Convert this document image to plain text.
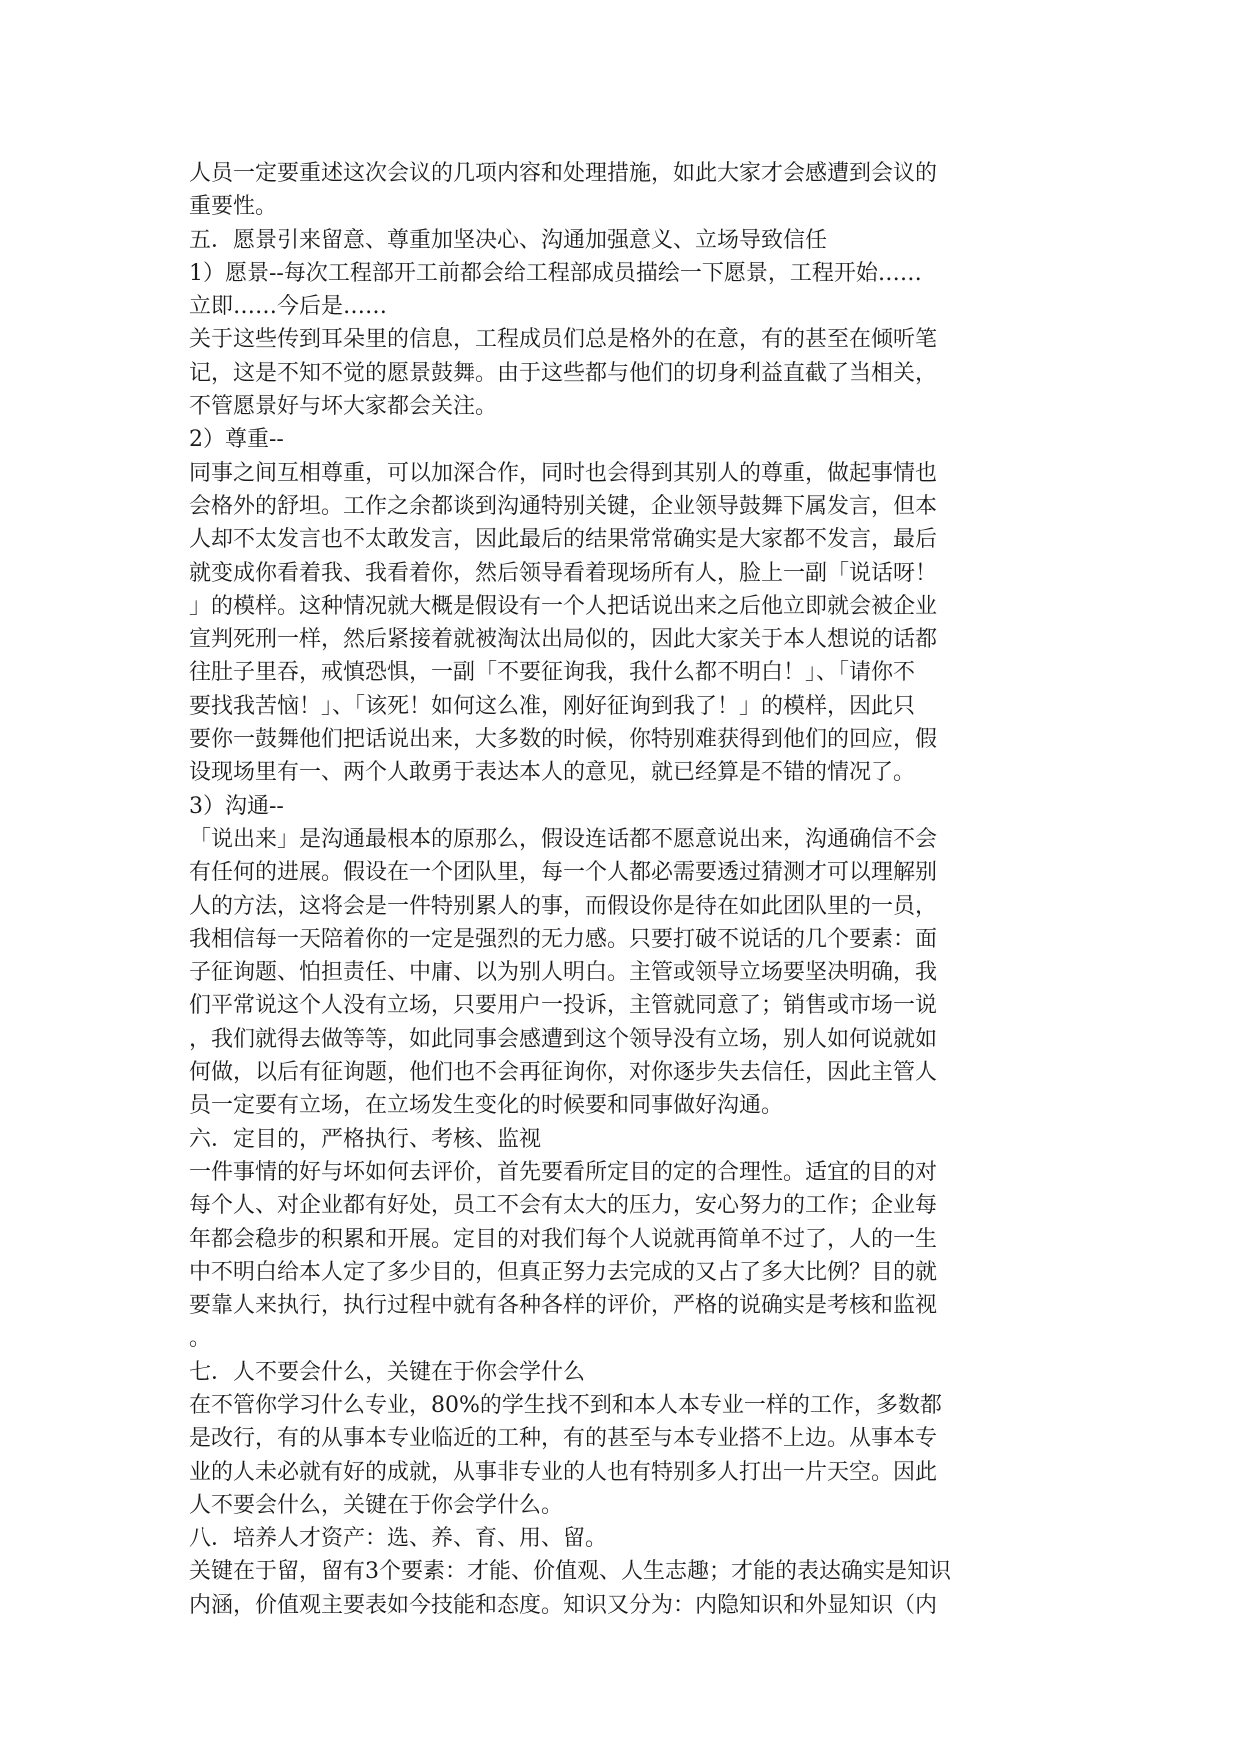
人员一定要重述这次会议的几项内容和处理措施，如此大家才会感遭到会议的
重要性。
五．愿景引来留意、尊重加坚决心、沟通加强意义、立场导致信任
1）愿景--每次工程部开工前都会给工程部成员描绘一下愿景，工程开始……
立即……今后是……
关于这些传到耳朵里的信息，工程成员们总是格外的在意，有的甚至在倾听笔
记，这是不知不觉的愿景鼓舞。由于这些都与他们的切身利益直截了当相关，
不管愿景好与坏大家都会关注。
2）尊重--
同事之间互相尊重，可以加深合作，同时也会得到其别人的尊重，做起事情也
会格外的舒坦。工作之余都谈到沟通特别关键，企业领导鼓舞下属发言，但本
人却不太发言也不太敢发言，因此最后的结果常常确实是大家都不发言，最后
就变成你看着我、我看着你，然后领导看着现场所有人，脸上一副「说话呀！
」的模样。这种情况就大概是假设有一个人把话说出来之后他立即就会被企业
宣判死刑一样，然后紧接着就被淘汰出局似的，因此大家关于本人想说的话都
往肚子里吞，戒慎恐惧，一副「不要征询我，我什么都不明白！」、「请你不
要找我苦恼！」、「该死！如何这么准，刚好征询到我了！」的模样，因此只
要你一鼓舞他们把话说出来，大多数的时候，你特别难获得到他们的回应，假
设现场里有一、两个人敢勇于表达本人的意见，就已经算是不错的情况了。
3）沟通--
「说出来」是沟通最根本的原那么，假设连话都不愿意说出来，沟通确信不会
有任何的进展。假设在一个团队里，每一个人都必需要透过猜测才可以理解别
人的方法，这将会是一件特别累人的事，而假设你是待在如此团队里的一员，
我相信每一天陪着你的一定是强烈的无力感。只要打破不说话的几个要素：面
子征询题、怕担责任、中庸、以为别人明白。主管或领导立场要坚决明确，我
们平常说这个人没有立场，只要用户一投诉，主管就同意了；销售或市场一说
，我们就得去做等等，如此同事会感遭到这个领导没有立场，别人如何说就如
何做，以后有征询题，他们也不会再征询你，对你逐步失去信任，因此主管人
员一定要有立场，在立场发生变化的时候要和同事做好沟通。
六．定目的，严格执行、考核、监视
一件事情的好与坏如何去评价，首先要看所定目的定的合理性。适宜的目的对
每个人、对企业都有好处，员工不会有太大的压力，安心努力的工作；企业每
年都会稳步的积累和开展。定目的对我们每个人说就再简单不过了，人的一生
中不明白给本人定了多少目的，但真正努力去完成的又占了多大比例？目的就
要靠人来执行，执行过程中就有各种各样的评价，严格的说确实是考核和监视
。
七．人不要会什么，关键在于你会学什么
在不管你学习什么专业，80%的学生找不到和本人本专业一样的工作，多数都
是改行，有的从事本专业临近的工种，有的甚至与本专业搭不上边。从事本专
业的人未必就有好的成就，从事非专业的人也有特别多人打出一片天空。因此
人不要会什么，关键在于你会学什么。
八．培养人才资产：选、养、育、用、留。
关键在于留，留有3个要素：才能、价值观、人生志趣；才能的表达确实是知识
内涵，价值观主要表如今技能和态度。知识又分为：内隐知识和外显知识（内
